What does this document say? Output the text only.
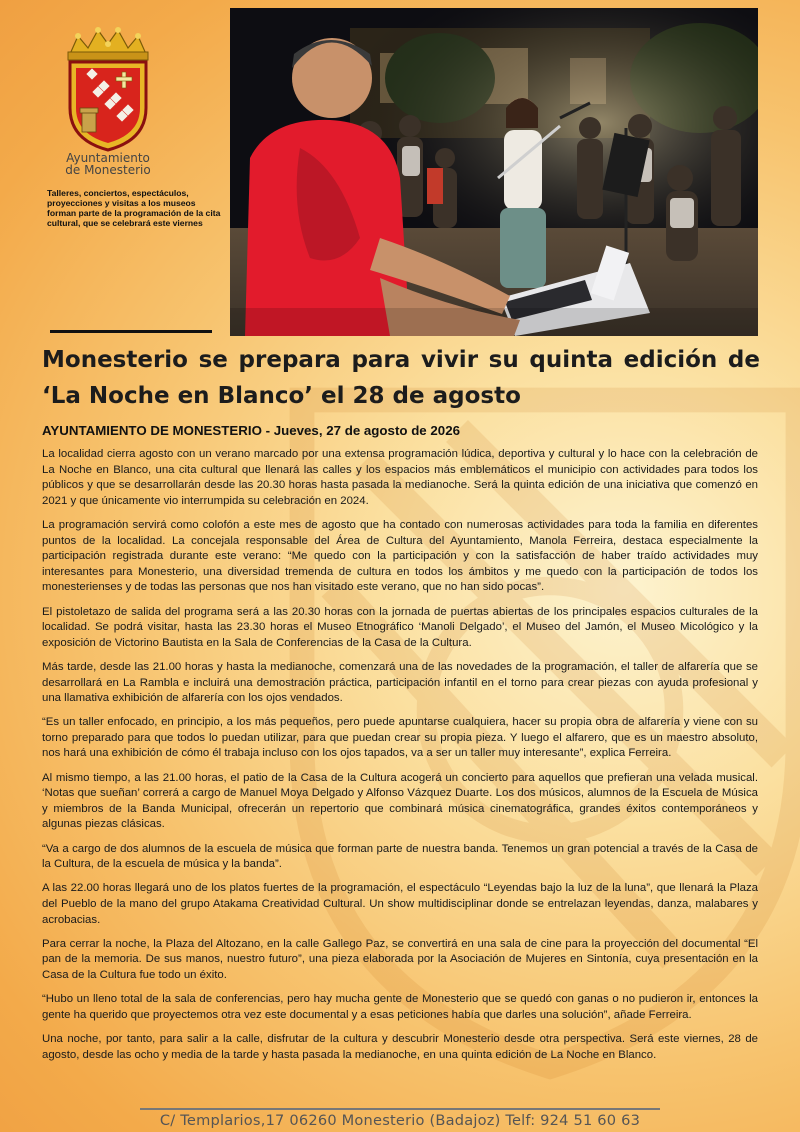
Ayuntamiento
de Monesterio
Talleres, conciertos, espectáculos, proyecciones y visitas a los museos forman parte de la programación de la cita cultural, que se celebrará este viernes
Monesterio se prepara para vivir su quinta edición de ‘La Noche en Blanco’ el 28 de agosto
AYUNTAMIENTO DE MONESTERIO - Jueves, 27 de agosto de 2026

La localidad cierra agosto con un verano marcado por una extensa programación lúdica, deportiva y cultural y lo hace con la celebración de La Noche en Blanco, una cita cultural que llenará las calles y los espacios más emblemáticos el municipio con actividades para todos los públicos y que se desarrollarán desde las 20.30 horas hasta pasada la medianoche. Será la quinta edición de una iniciativa que comenzó en 2021 y que únicamente vio interrumpida su celebración en 2024.

La programación servirá como colofón a este mes de agosto que ha contado con numerosas actividades para toda la familia en diferentes puntos de la localidad. La concejala responsable del Área de Cultura del Ayuntamiento, Manola Ferreira, destaca especialmente la participación registrada durante este verano: “Me quedo con la participación y con la satisfacción de haber traído actividades muy interesantes para Monesterio, una diversidad tremenda de cultura en todos los ámbitos y me quedo con la participación de todos los monesterienses y de todas las personas que nos han visitado este verano, que no han sido pocas”.

El pistoletazo de salida del programa será a las 20.30 horas con la jornada de puertas abiertas de los principales espacios culturales de la localidad. Se podrá visitar, hasta las 23.30 horas el Museo Etnográfico ‘Manoli Delgado’, el Museo del Jamón, el Museo Micológico y la exposición de Victorino Bautista en la Sala de Conferencias de la Casa de la Cultura.

Más tarde, desde las 21.00 horas y hasta la medianoche, comenzará una de las novedades de la programación, el taller de alfarería que se desarrollará en La Rambla e incluirá una demostración práctica, participación infantil en el torno para crear piezas con ayuda profesional y una llamativa exhibición de alfarería con los ojos vendados.

“Es un taller enfocado, en principio, a los más pequeños, pero puede apuntarse cualquiera, hacer su propia obra de alfarería y viene con su torno preparado para que todos lo puedan utilizar, para que puedan crear su propia pieza. Y luego el alfarero, que es un maestro absoluto, nos hará una exhibición de cómo él trabaja incluso con los ojos tapados, va a ser un taller muy interesante”, explica Ferreira.

Al mismo tiempo, a las 21.00 horas, el patio de la Casa de la Cultura acogerá un concierto para aquellos que prefieran una velada musical. ‘Notas que sueñan’ correrá a cargo de Manuel Moya Delgado y Alfonso Vázquez Duarte. Los dos músicos, alumnos de la Escuela de Música y miembros de la Banda Municipal, ofrecerán un repertorio que combinará música cinematográfica, grandes éxitos contemporáneos y algunas piezas clásicas.

“Va a cargo de dos alumnos de la escuela de música que forman parte de nuestra banda. Tenemos un gran potencial a través de la Casa de la Cultura, de la escuela de música y la banda”.

A las 22.00 horas llegará uno de los platos fuertes de la programación, el espectáculo “Leyendas bajo la luz de la luna”, que llenará la Plaza del Pueblo de la mano del grupo Atakama Creatividad Cultural. Un show multidisciplinar donde se entrelazan leyendas, danza, malabares y acrobacias.

Para cerrar la noche, la Plaza del Altozano, en la calle Gallego Paz, se convertirá en una sala de cine para la proyección del documental “El pan de la memoria. De sus manos, nuestro futuro”, una pieza elaborada por la Asociación de Mujeres en Sintonía, cuya presentación en la Casa de la Cultura fue todo un éxito.

“Hubo un lleno total de la sala de conferencias, pero hay mucha gente de Monesterio que se quedó con ganas o no pudieron ir, entonces la gente ha querido que proyectemos otra vez este documental y a esas peticiones había que darles una solución”, añade Ferreira.

Una noche, por tanto, para salir a la calle, disfrutar de la cultura y descubrir Monesterio desde otra perspectiva. Será este viernes, 28 de agosto, desde las ocho y media de la tarde y hasta pasada la medianoche, en una quinta edición de La Noche en Blanco.

C/ Templarios,17 06260 Monesterio (Badajoz) Telf: 924 51 60 63
